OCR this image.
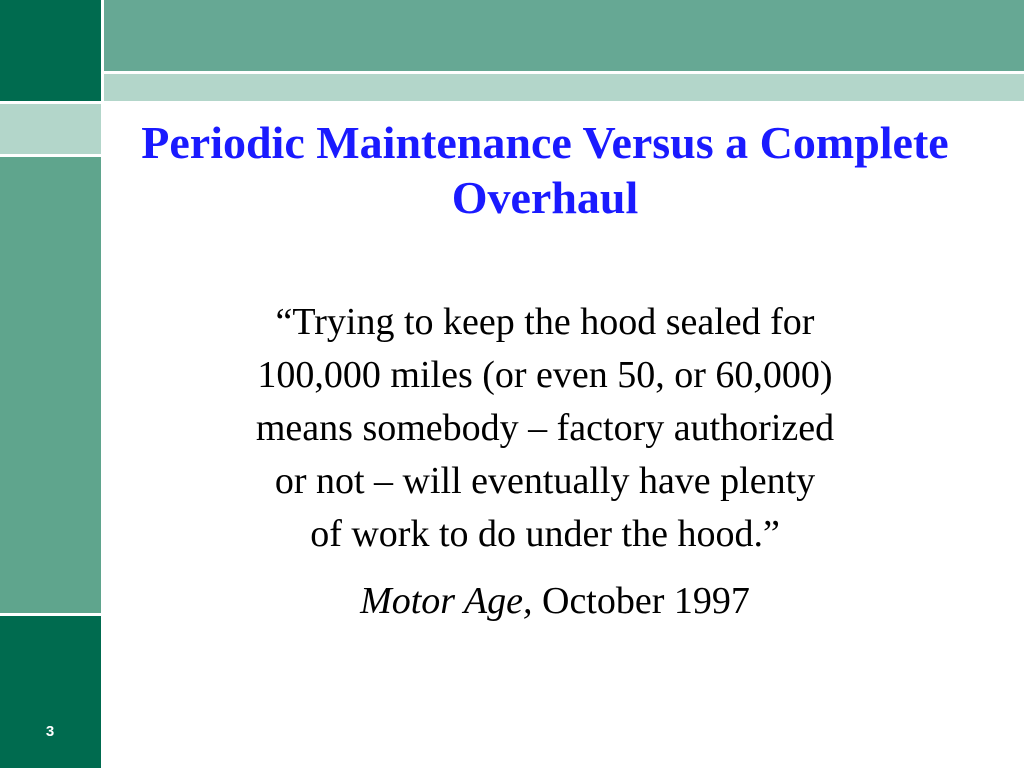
Periodic Maintenance Versus a Complete Overhaul

“Trying to keep the hood sealed for
100,000 miles (or even 50, or 60,000)
means somebody – factory authorized
or not – will eventually have plenty
of work to do under the hood.”

Motor Age, October 1997

3
